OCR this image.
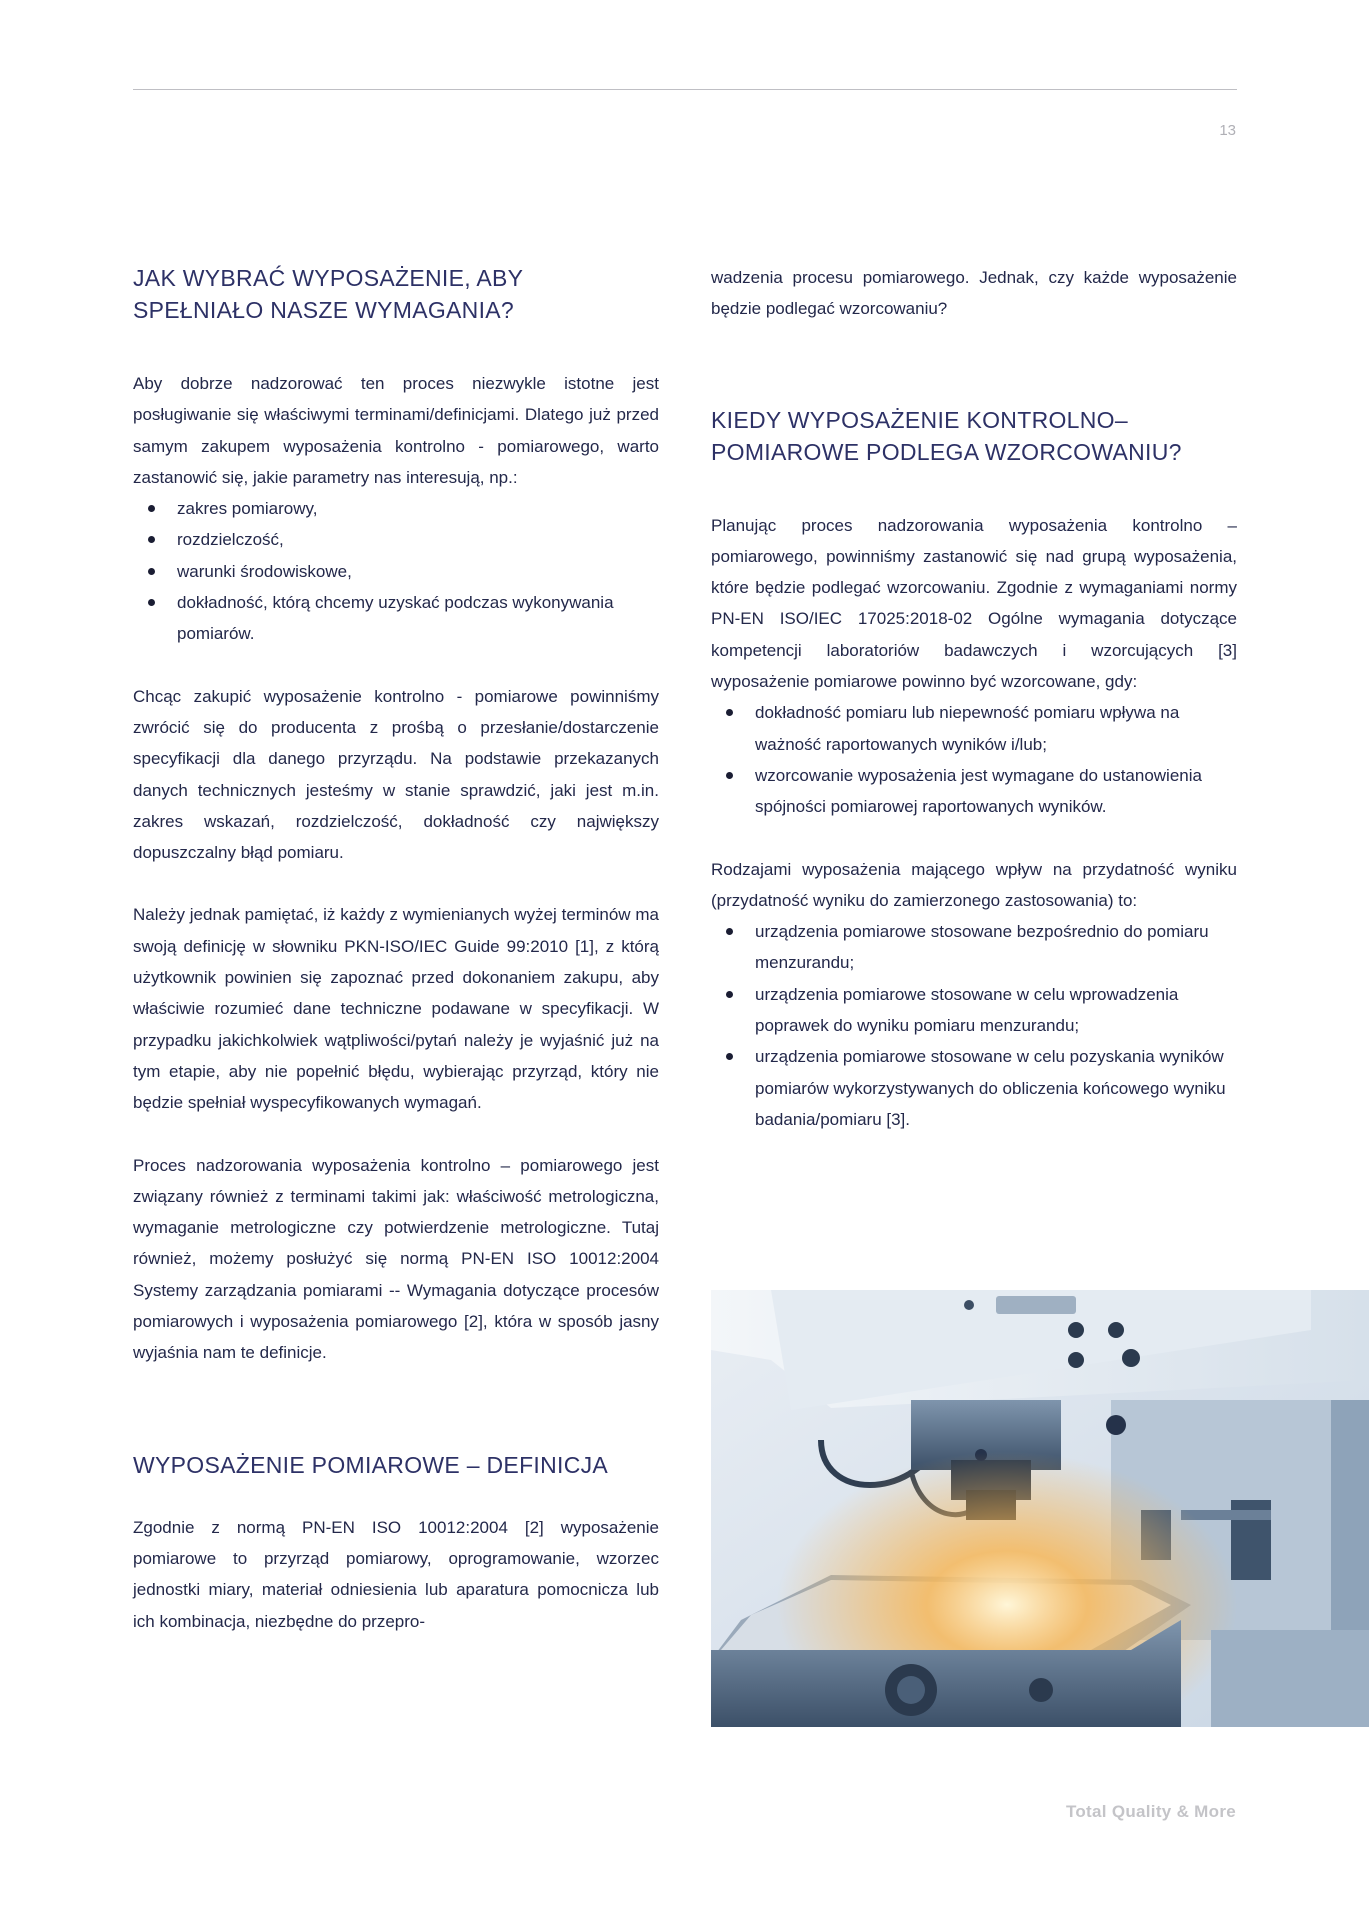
13
JAK WYBRAĆ WYPOSAŻENIE, ABY SPEŁNIAŁO NASZE WYMAGANIA?

Aby dobrze nadzorować ten proces niezwykle istotne jest posługiwanie się właściwymi terminami/definicjami. Dlatego już przed samym zakupem wyposażenia kontrolno - pomiarowego, warto zastanowić się, jakie parametry nas interesują, np.:

zakres pomiarowy,
rozdzielczość,
warunki środowiskowe,
dokładność, którą chcemy uzyskać podczas wykonywania pomiarów.

Chcąc zakupić wyposażenie kontrolno - pomiarowe powinniśmy zwrócić się do producenta z prośbą o przesłanie/dostarczenie specyfikacji dla danego przyrządu. Na podstawie przekazanych danych technicznych jesteśmy w stanie sprawdzić, jaki jest m.in. zakres wskazań, rozdzielczość, dokładność czy największy dopuszczalny błąd pomiaru.

Należy jednak pamiętać, iż każdy z wymienianych wyżej terminów ma swoją definicję w słowniku PKN-ISO/IEC Guide 99:2010 [1], z którą użytkownik powinien się zapoznać przed dokonaniem zakupu, aby właściwie rozumieć dane techniczne podawane w specyfikacji. W przypadku jakichkolwiek wątpliwości/pytań należy je wyjaśnić już na tym etapie, aby nie popełnić błędu, wybierając przyrząd, który nie będzie spełniał wyspecyfikowanych wymagań.

Proces nadzorowania wyposażenia kontrolno – pomiarowego jest związany również z terminami takimi jak: właściwość metrologiczna, wymaganie metrologiczne czy potwierdzenie metrologiczne. Tutaj również, możemy posłużyć się normą PN-EN ISO 10012:2004 Systemy zarządzania pomiarami -- Wymagania dotyczące procesów pomiarowych i wyposażenia pomiarowego [2], która w sposób jasny wyjaśnia nam te definicje.

WYPOSAŻENIE POMIAROWE – DEFINICJA

Zgodnie z normą PN-EN ISO 10012:2004 [2] wyposażenie pomiarowe to przyrząd pomiarowy, oprogramowanie, wzorzec jednostki miary, materiał odniesienia lub aparatura pomocnicza lub ich kombinacja, niezbędne do przepro-

wadzenia procesu pomiarowego. Jednak, czy każde wyposażenie będzie podlegać wzorcowaniu?

KIEDY WYPOSAŻENIE KONTROLNO–POMIAROWE PODLEGA WZORCOWANIU?

Planując proces nadzorowania wyposażenia kontrolno – pomiarowego, powinniśmy zastanowić się nad grupą wyposażenia, które będzie podlegać wzorcowaniu. Zgodnie z wymaganiami normy PN-EN ISO/IEC 17025:2018-02 Ogólne wymagania dotyczące kompetencji laboratoriów badawczych i wzorcujących [3] wyposażenie pomiarowe powinno być wzorcowane, gdy:

dokładność pomiaru lub niepewność pomiaru wpływa na ważność raportowanych wyników i/lub;
wzorcowanie wyposażenia jest wymagane do ustanowienia spójności pomiarowej raportowanych wyników.

Rodzajami wyposażenia mającego wpływ na przydatność wyniku (przydatność wyniku do zamierzonego zastosowania) to:

urządzenia pomiarowe stosowane bezpośrednio do pomiaru menzurandu;
urządzenia pomiarowe stosowane w celu wprowadzenia poprawek do wyniku pomiaru menzurandu;
urządzenia pomiarowe stosowane w celu pozyskania wyników pomiarów wykorzystywanych do obliczenia końcowego wyniku badania/pomiaru [3].
Total Quality & More
